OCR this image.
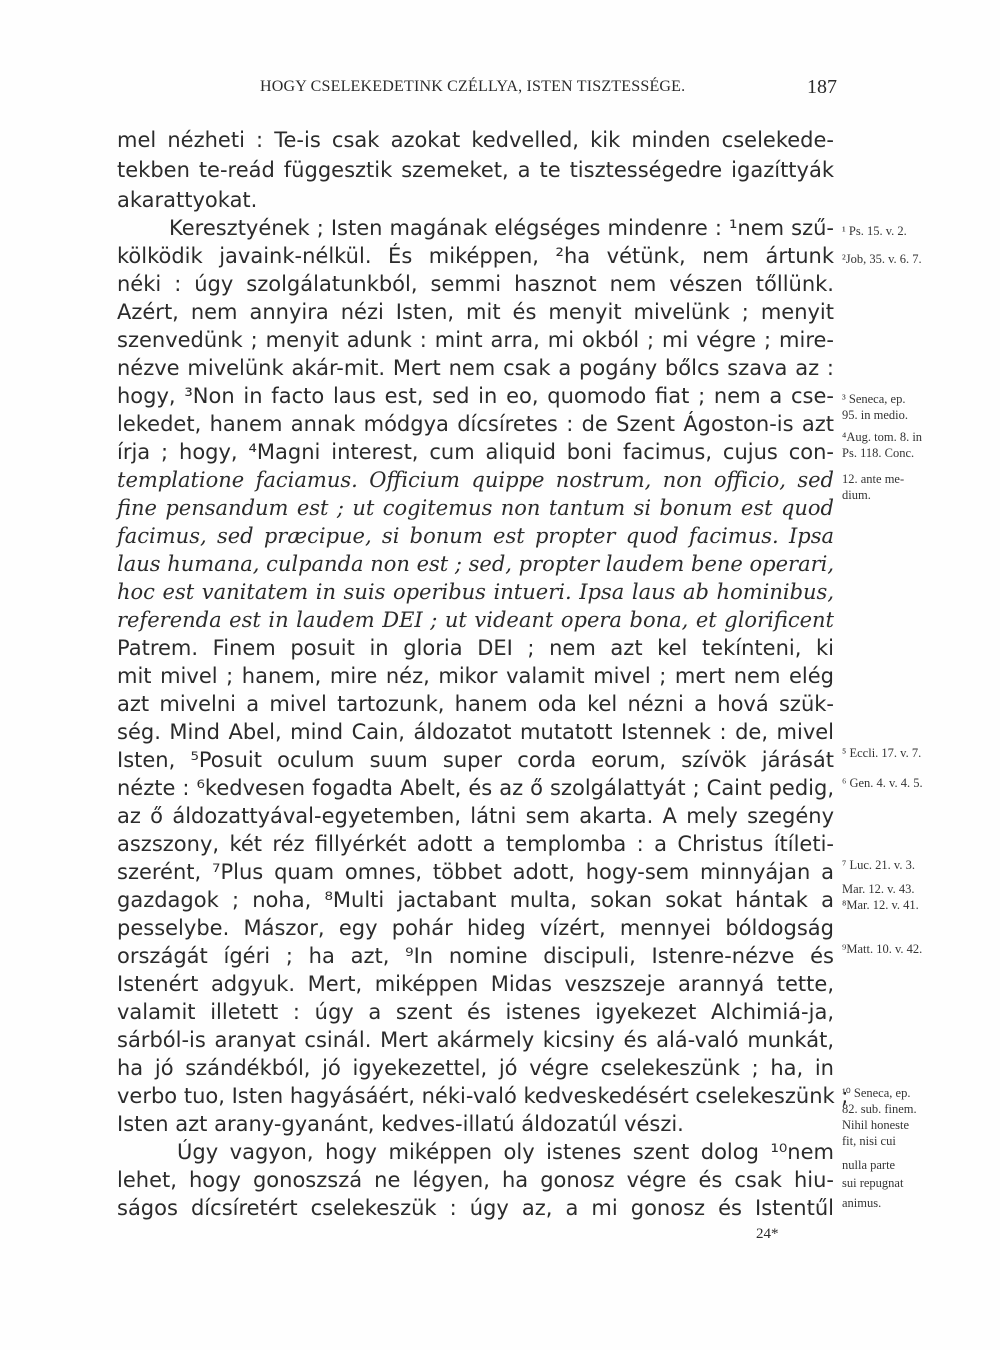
HOGY CSELEKEDETINK CZÉLLYA, ISTEN TISZTESSÉGE.	187
mel nézheti : Te-is csak azokat kedvelled, kik minden cselekede-
tekben te-reád függesztik szemeket, a te tisztességedre igazíttyák
akarattyokat.
Keresztyének ; Isten magának elégséges mindenre : ¹nem szű-
kölködik javaink-nélkül. És miképpen, ²ha vétünk, nem ártunk
néki : úgy szolgálatunkból, semmi hasznot nem vészen tőllünk.
Azért, nem annyira nézi Isten, mit és menyit mivelünk ; menyit
szenvedünk ; menyit adunk : mint arra, mi okból ; mi végre ; mire-
nézve mivelünk akár-mit. Mert nem csak a pogány bőlcs szava az :
hogy, ³Non in facto laus est, sed in eo, quomodo fiat ; nem a cse-
lekedet, hanem annak módgya dícsíretes : de Szent Ágoston-is azt
írja ; hogy, ⁴Magni interest, cum aliquid boni facimus, cujus con-
templatione faciamus. Officium quippe nostrum, non officio, sed
fine pensandum est ; ut cogitemus non tantum si bonum est quod
facimus, sed præcipue, si bonum est propter quod facimus. Ipsa
laus humana, culpanda non est ; sed, propter laudem bene operari,
hoc est vanitatem in suis operibus intueri. Ipsa laus ab hominibus,
referenda est in laudem DEI ; ut videant opera bona, et glorificent
Patrem. Finem posuit in gloria DEI ; nem azt kel tekínteni, ki
mit mivel ; hanem, mire néz, mikor valamit mivel ; mert nem elég
azt mivelni a mivel tartozunk, hanem oda kel nézni a hová szük-
ség. Mind Abel, mind Cain, áldozatot mutatott Istennek : de, mivel
Isten, ⁵Posuit oculum suum super corda eorum, szívök járását
nézte : ⁶kedvesen fogadta Abelt, és az ő szolgálattyát ; Caint pedig,
az ő áldozattyával-egyetemben, látni sem akarta. A mely szegény
aszszony, két réz fillyérkét adott a templomba : a Christus ítíleti-
szerént, ⁷Plus quam omnes, többet adott, hogy-sem minnyájan a
gazdagok ; noha, ⁸Multi jactabant multa, sokan sokat hántak a
pesselybe. Mászor, egy pohár hideg vízért, mennyei bóldogság
országát ígéri ; ha azt, ⁹In nomine discipuli, Istenre-nézve és
Istenért adgyuk. Mert, miképpen Midas veszszeje arannyá tette,
valamit illetett : úgy a szent és istenes igyekezet Alchimiá-ja,
sárból-is aranyat csinál. Mert akármely kicsiny és alá-való munkát,
ha jó szándékból, jó igyekezettel, jó végre cselekeszünk ; ha, in
verbo tuo, Isten hagyásáért, néki-való kedveskedésért cselekeszünk ;
Isten azt arany-gyanánt, kedves-illatú áldozatúl vészi.
Úgy vagyon, hogy miképpen oly istenes szent dolog ¹⁰nem
lehet, hogy gonoszszá ne légyen, ha gonosz végre és csak hiu-
ságos dícsíretért cselekeszük : úgy az, a mi gonosz és Istentűl
¹ Ps. 15. v. 2.
²Job, 35. v. 6. 7.
³ Seneca, ep.
95. in medio.
⁴Aug. tom. 8. in
Ps. 118. Conc.
12. ante me-
dium.
⁵ Eccli. 17. v. 7.
⁶ Gen. 4. v. 4. 5.
⁷ Luc. 21. v. 3.
Mar. 12. v. 43.
⁸Mar. 12. v. 41.
⁹Matt. 10. v. 42.
¹⁰ Seneca, ep.
82. sub. finem.
Nihil honeste
fit, nisi cui
nulla parte
sui repugnat
animus.
24*
